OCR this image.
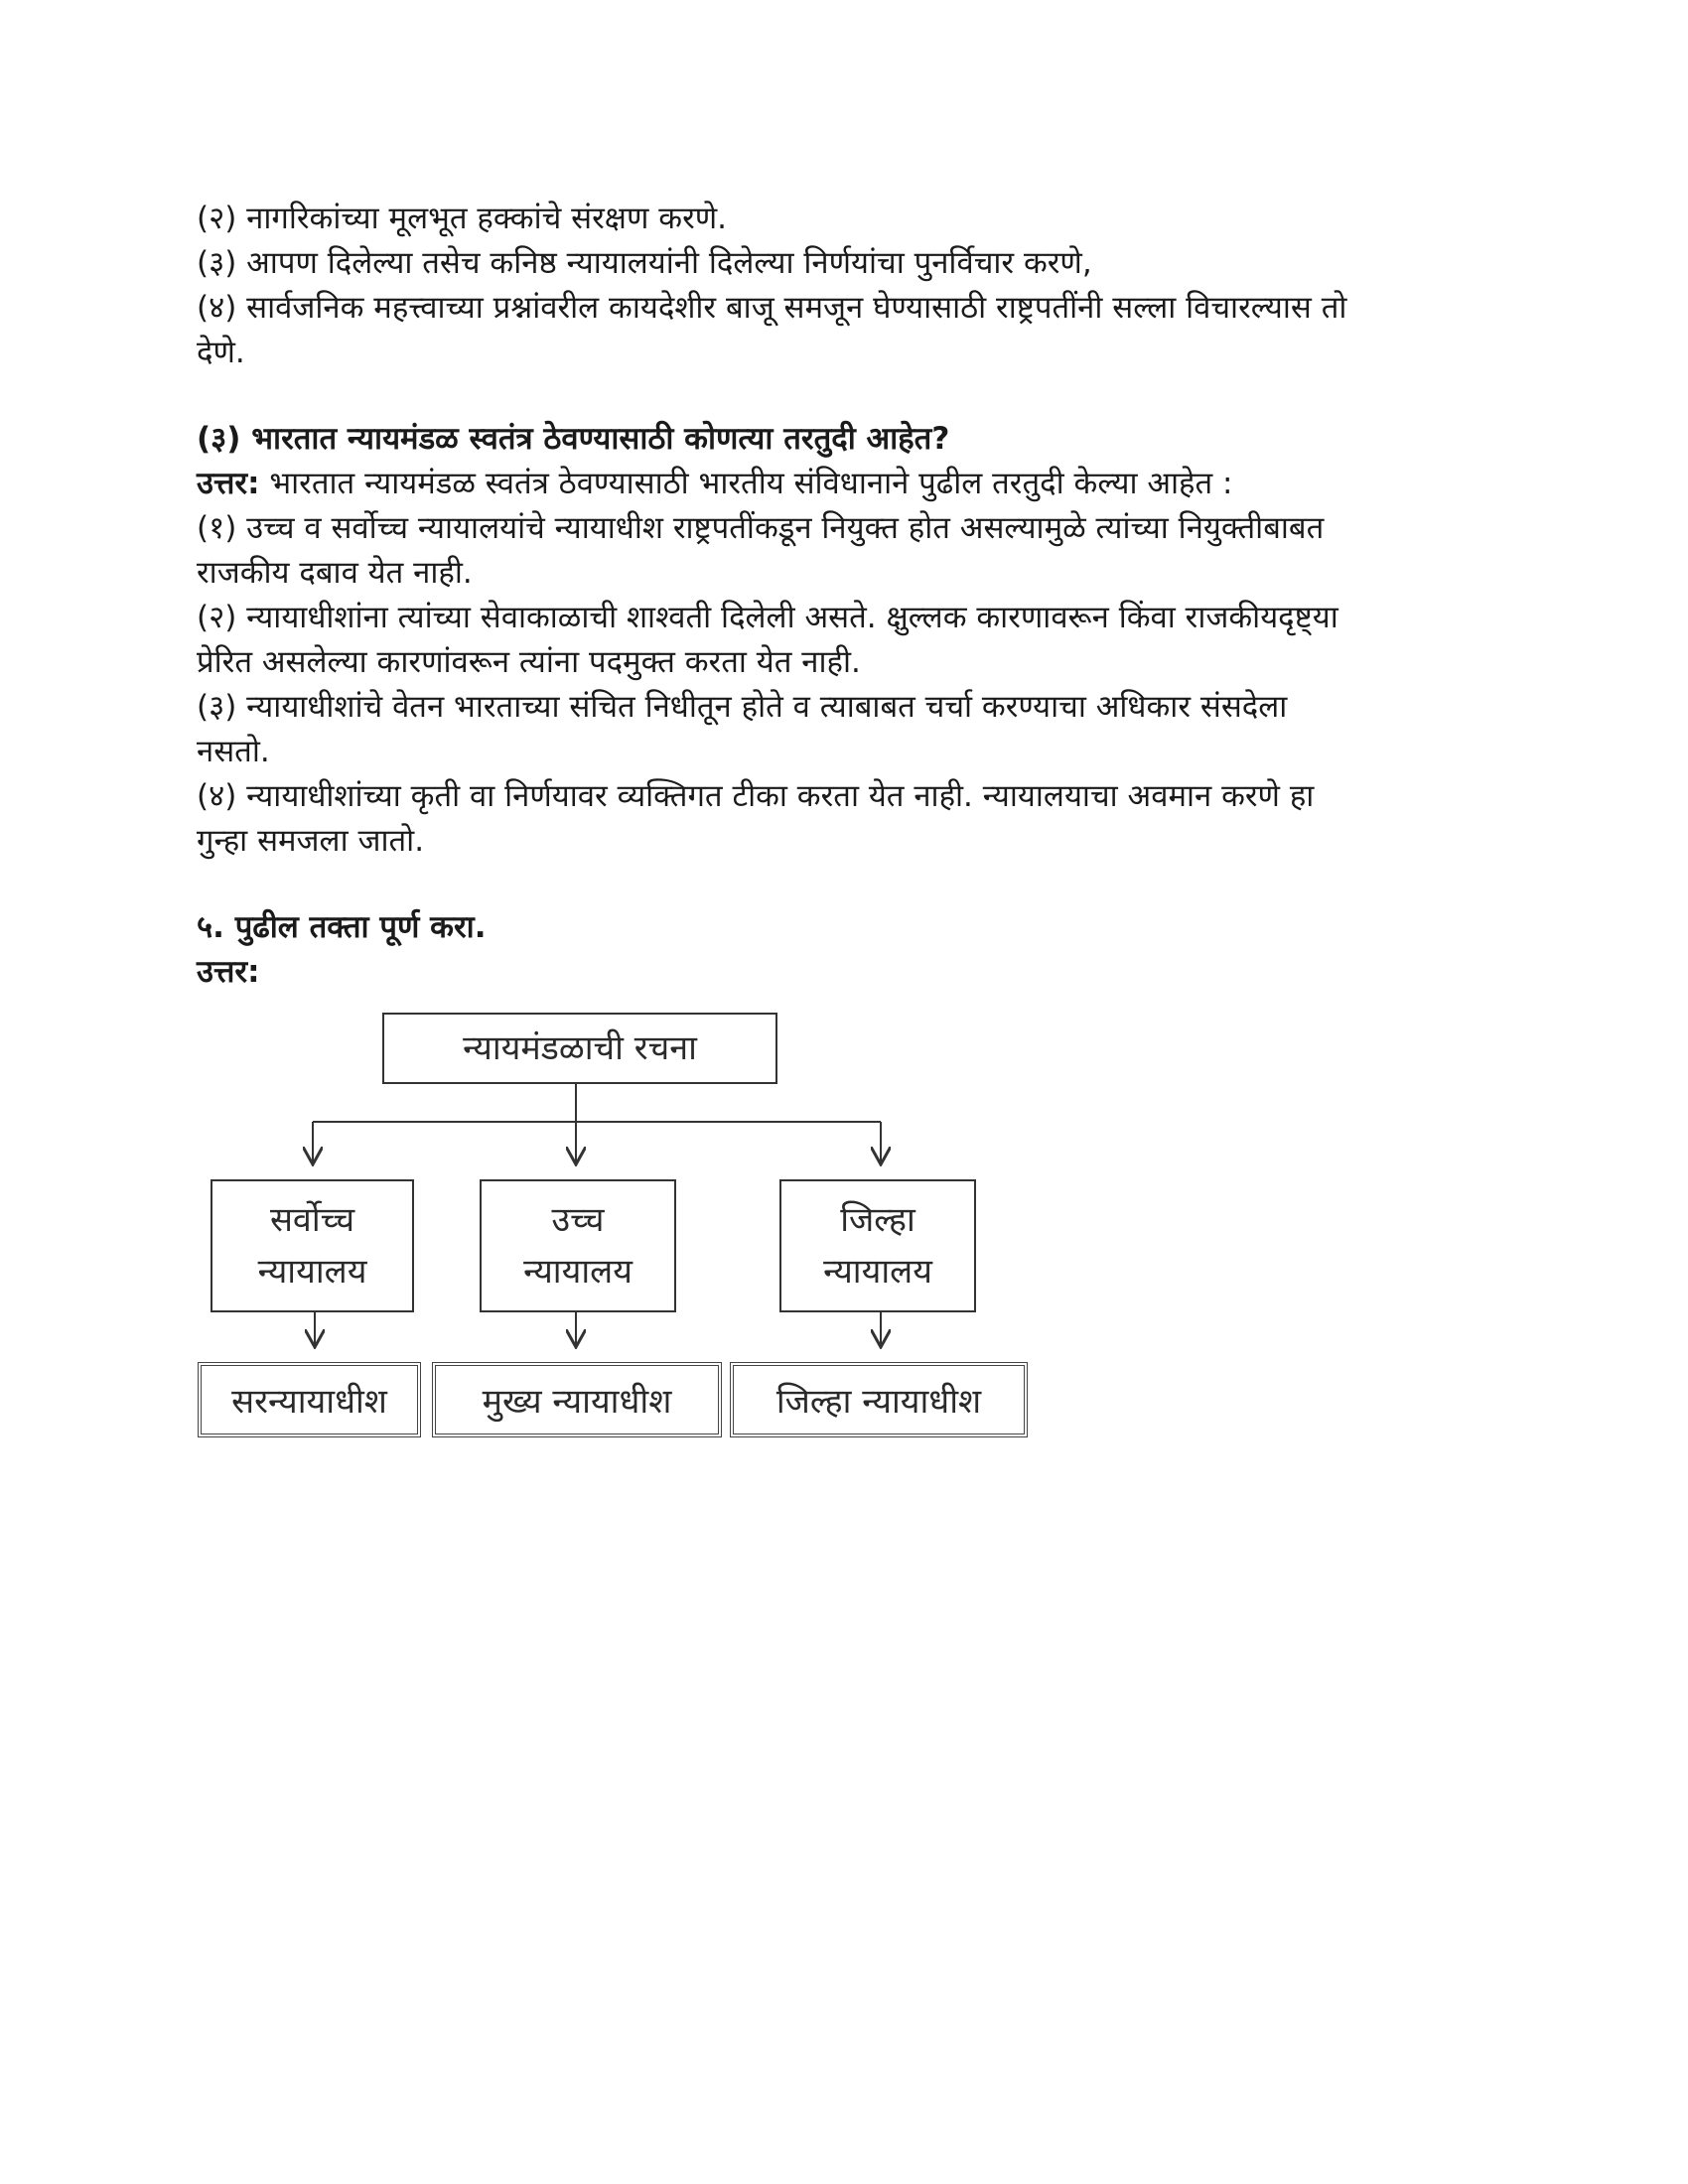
(२) नागरिकांच्या मूलभूत हक्कांचे संरक्षण करणे.
(३) आपण दिलेल्या तसेच कनिष्ठ न्यायालयांनी दिलेल्या निर्णयांचा पुनर्विचार करणे,
(४) सार्वजनिक महत्त्वाच्या प्रश्नांवरील कायदेशीर बाजू समजून घेण्यासाठी राष्ट्रपतींनी सल्ला विचारल्यास तो
देणे.
(३) भारतात न्यायमंडळ स्वतंत्र ठेवण्यासाठी कोणत्या तरतुदी आहेत?
उत्तर: भारतात न्यायमंडळ स्वतंत्र ठेवण्यासाठी भारतीय संविधानाने पुढील तरतुदी केल्या आहेत :
(१) उच्च व सर्वोच्च न्यायालयांचे न्यायाधीश राष्ट्रपतींकडून नियुक्त होत असल्यामुळे त्यांच्या नियुक्तीबाबत
राजकीय दबाव येत नाही.
(२) न्यायाधीशांना त्यांच्या सेवाकाळाची शाश्वती दिलेली असते. क्षुल्लक कारणावरून किंवा राजकीयदृष्ट्या
प्रेरित असलेल्या कारणांवरून त्यांना पदमुक्त करता येत नाही.
(३) न्यायाधीशांचे वेतन भारताच्या संचित निधीतून होते व त्याबाबत चर्चा करण्याचा अधिकार संसदेला
नसतो.
(४) न्यायाधीशांच्या कृती वा निर्णयावर व्यक्तिगत टीका करता येत नाही. न्यायालयाचा अवमान करणे हा
गुन्हा समजला जातो.
५. पुढील तक्ता पूर्ण करा.
उत्तर:
न्यायमंडळाची रचना
सर्वोच्च
न्यायालय
उच्च
न्यायालय
जिल्हा
न्यायालय
सरन्यायाधीश	मुख्य न्यायाधीश	जिल्हा न्यायाधीश
